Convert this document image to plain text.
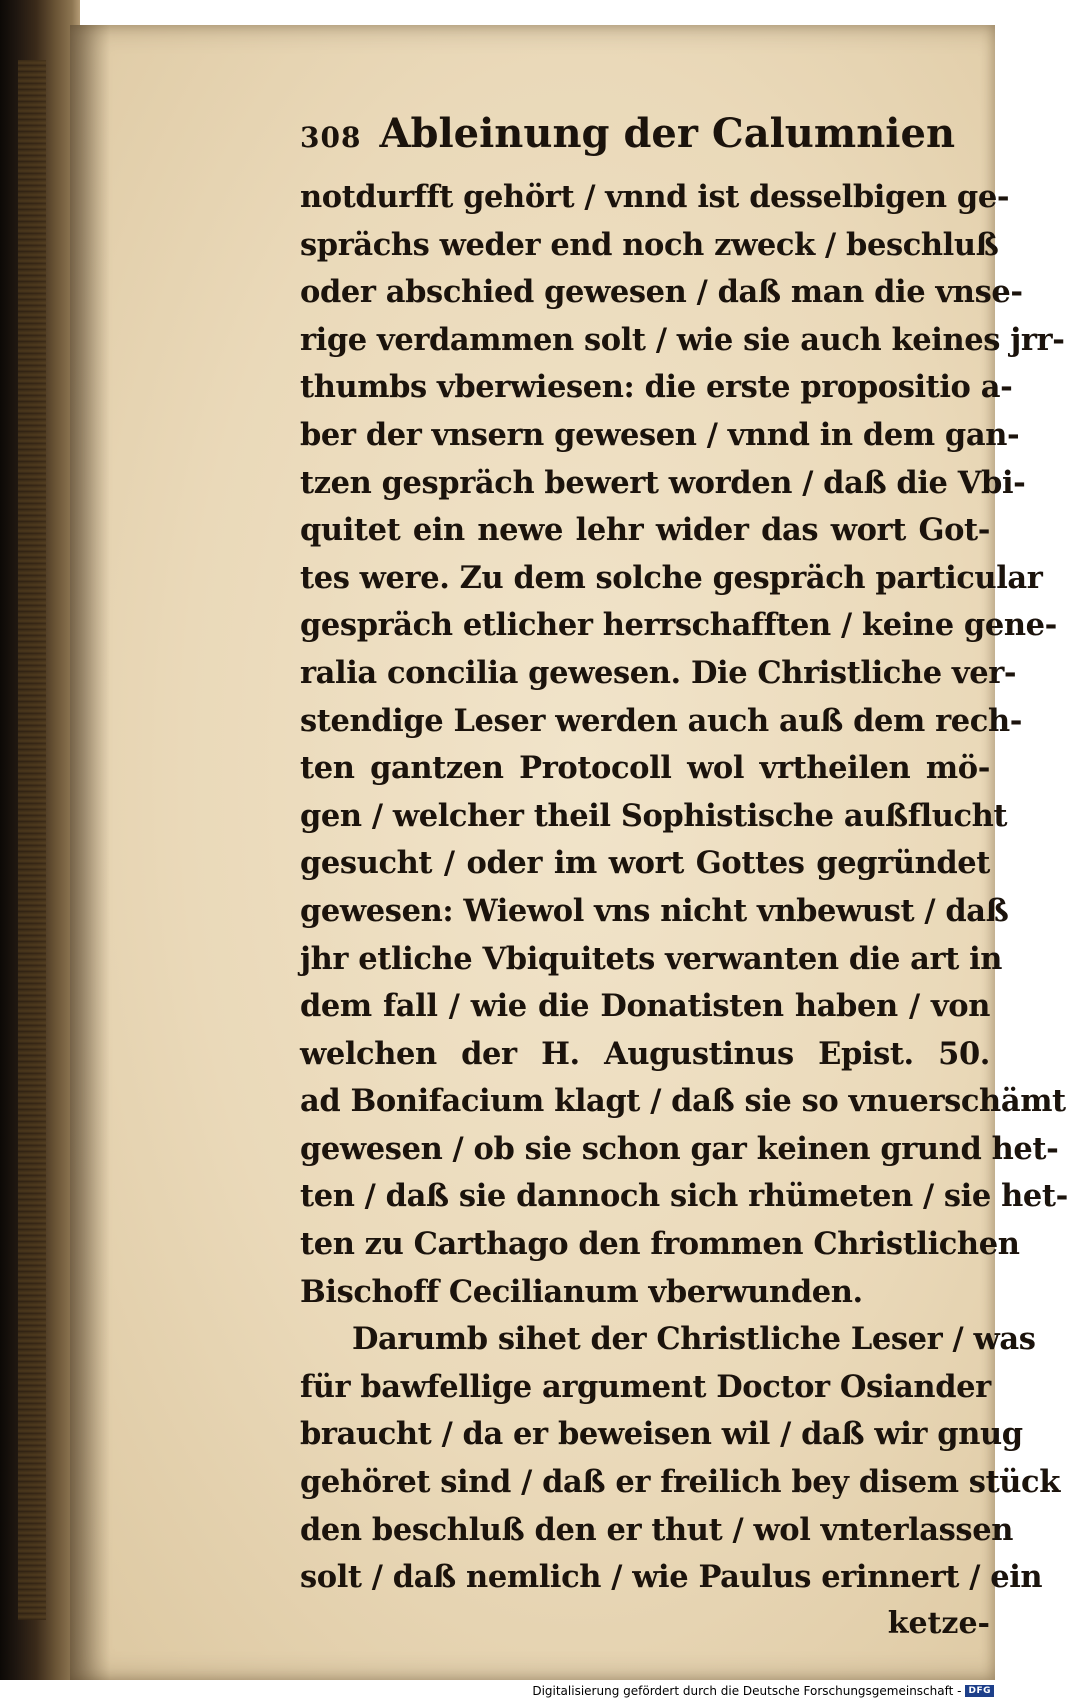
308 Ableinung der Calumnien
notdurfft gehört / vnnd ist desselbigen ge-
sprächs weder end noch zweck / beschluß
oder abschied gewesen / daß man die vnse-
rige verdammen solt / wie sie auch keines jrr-
thumbs vberwiesen: die erste propositio a-
ber der vnsern gewesen / vnnd in dem gan-
tzen gespräch bewert worden / daß die Vbi-
quitet ein newe lehr wider das wort Got-
tes were. Zu dem solche gespräch particular
gespräch etlicher herrschafften / keine gene-
ralia concilia gewesen. Die Christliche ver-
stendige Leser werden auch auß dem rech-
ten gantzen Protocoll wol vrtheilen mö-
gen / welcher theil Sophistische außflucht
gesucht / oder im wort Gottes gegründet
gewesen: Wiewol vns nicht vnbewust / daß
jhr etliche Vbiquitets verwanten die art in
dem fall / wie die Donatisten haben / von
welchen der H. Augustinus Epist. 50.
ad Bonifacium klagt / daß sie so vnuerschämt
gewesen / ob sie schon gar keinen grund het-
ten / daß sie dannoch sich rhümeten / sie het-
ten zu Carthago den frommen Christlichen
Bischoff Cecilianum vberwunden.
Darumb sihet der Christliche Leser / was
für bawfellige argument Doctor Osiander
braucht / da er beweisen wil / daß wir gnug
gehöret sind / daß er freilich bey disem stück
den beschluß den er thut / wol vnterlassen
solt / daß nemlich / wie Paulus erinnert / ein
ketze-
Digitalisierung gefördert durch die Deutsche Forschungsgemeinschaft - DFG
